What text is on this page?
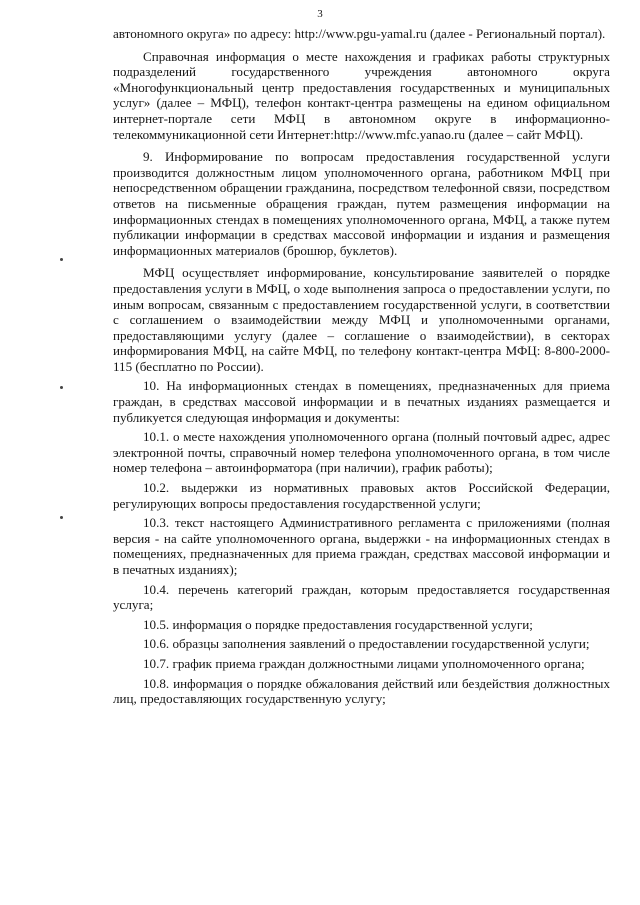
3

автономного округа» по адресу: http://www.pgu-yamal.ru (далее - Региональный портал).

Справочная информация о месте нахождения и графиках работы структурных подразделений государственного учреждения автономного округа «Многофункциональный центр предоставления государственных и муниципальных услуг» (далее – МФЦ), телефон контакт-центра размещены на едином официальном интернет-портале сети МФЦ в автономном округе в информационно-телекоммуникационной сети Интернет:http://www.mfc.yanao.ru (далее – сайт МФЦ).

9. Информирование по вопросам предоставления государственной услуги производится должностным лицом уполномоченного органа, работником МФЦ при непосредственном обращении гражданина, посредством телефонной связи, посредством ответов на письменные обращения граждан, путем размещения информации на информационных стендах в помещениях уполномоченного органа, МФЦ, а также путем публикации информации в средствах массовой информации и издания и размещения информационных материалов (брошюр, буклетов).

МФЦ осуществляет информирование, консультирование заявителей о порядке предоставления услуги в МФЦ, о ходе выполнения запроса о предоставлении услуги, по иным вопросам, связанным с предоставлением государственной услуги, в соответствии с соглашением о взаимодействии между МФЦ и уполномоченными органами, предоставляющими услугу (далее – соглашение о взаимодействии), в секторах информирования МФЦ, на сайте МФЦ, по телефону контакт-центра МФЦ: 8-800-2000-115 (бесплатно по России).

10. На информационных стендах в помещениях, предназначенных для приема граждан, в средствах массовой информации и в печатных изданиях размещается и публикуется следующая информация и документы:

10.1. о месте нахождения уполномоченного органа (полный почтовый адрес, адрес электронной почты, справочный номер телефона уполномоченного органа, в том числе номер телефона – автоинформатора (при наличии), график работы);

10.2. выдержки из нормативных правовых актов Российской Федерации, регулирующих вопросы предоставления государственной услуги;

10.3. текст настоящего Административного регламента с приложениями (полная версия - на сайте уполномоченного органа, выдержки - на информационных стендах в помещениях, предназначенных для приема граждан, средствах массовой информации и в печатных изданиях);

10.4. перечень категорий граждан, которым предоставляется государственная услуга;

10.5. информация о порядке предоставления государственной услуги;

10.6. образцы заполнения заявлений о предоставлении государственной услуги;

10.7. график приема граждан должностными лицами уполномоченного органа;

10.8. информация о порядке обжалования действий или бездействия должностных лиц, предоставляющих государственную услугу;
